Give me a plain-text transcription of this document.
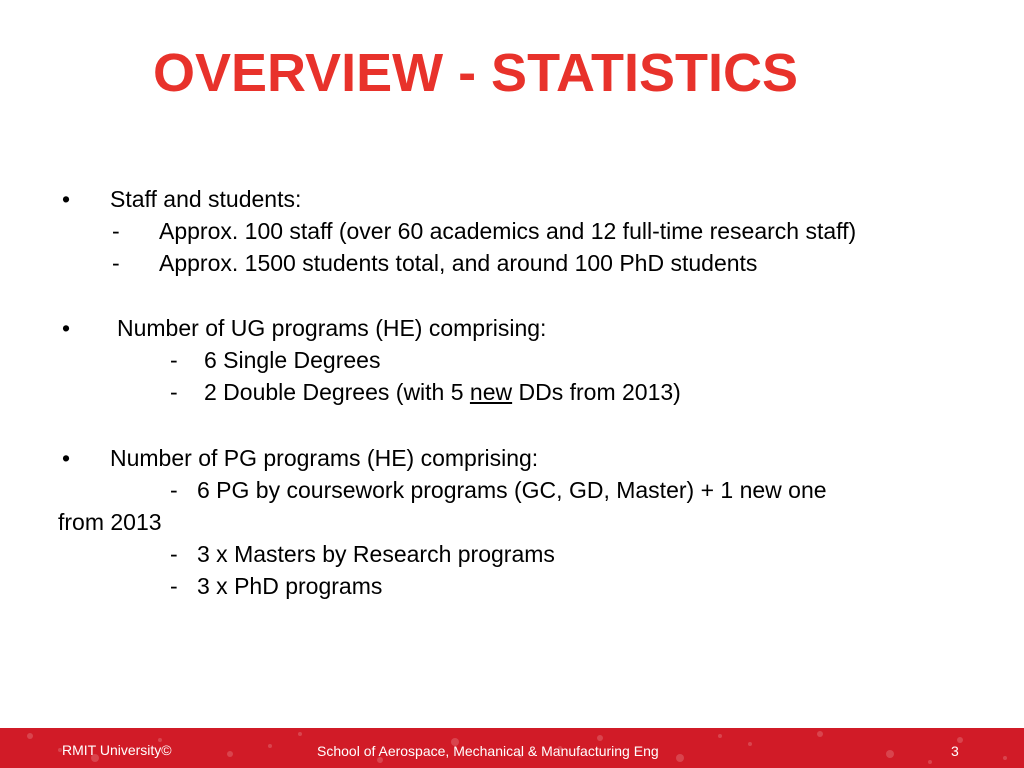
OVERVIEW - STATISTICS
• Staff and students:
- Approx. 100 staff (over 60 academics and 12 full-time research staff)
- Approx. 1500 students total, and around 100 PhD students
• Number of UG programs (HE) comprising:
- 6 Single Degrees
- 2 Double Degrees (with 5 new DDs from 2013)
• Number of PG programs (HE) comprising:
- 6 PG by coursework programs (GC, GD, Master) + 1 new one
from 2013
- 3 x Masters by Research programs
- 3 x PhD programs
RMIT University©	School of Aerospace, Mechanical & Manufacturing Eng	3
